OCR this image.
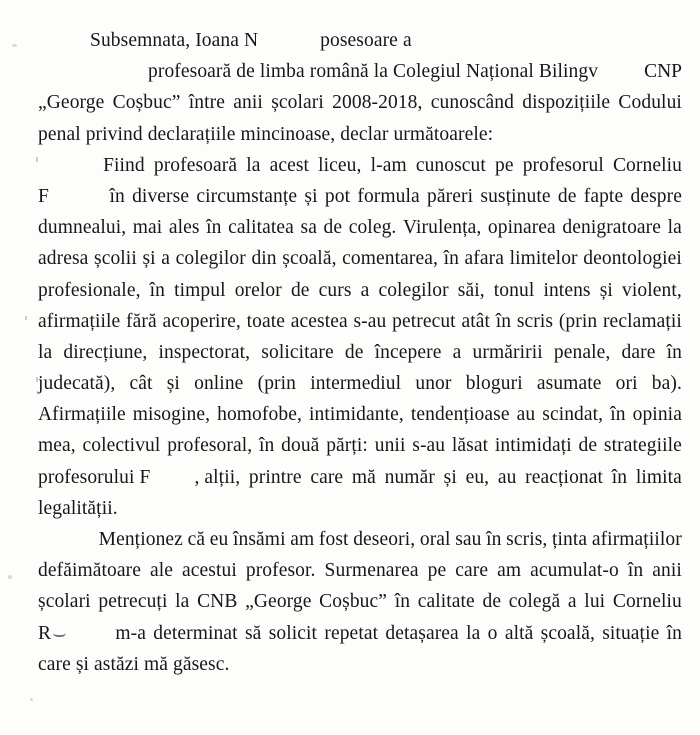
Subsemnata, Ioana N	posesoare a
profesoară de limba română la Colegiul Național Bilingv	CNP
„George Coșbuc” între anii școlari 2008-2018, cunoscând dispozițiile Codului
penal privind declarațiile mincinoase, declar următoarele:
Fiind profesoară la acest liceu, l-am cunoscut pe profesorul Corneliu
F	în diverse circumstanțe și pot formula păreri susținute de fapte despre
dumnealui, mai ales în calitatea sa de coleg. Virulența, opinarea denigratoare la
adresa școlii și a colegilor din școală, comentarea, în afara limitelor deontologiei
profesionale, în timpul orelor de curs a colegilor săi, tonul intens și violent,
afirmațiile fără acoperire, toate acestea s-au petrecut atât în scris (prin reclamații
la direcțiune, inspectorat, solicitare de începere a urmăririi penale, dare în
judecată), cât și online (prin intermediul unor bloguri asumate ori ba).
Afirmațiile misogine, homofobe, intimidante, tendențioase au scindat, în opinia
mea, colectivul profesoral, în două părți: unii s-au lăsat intimidați de strategiile
profesorului F , alții, printre care mă număr și eu, au reacționat în limita
legalității.
Menționez că eu însămi am fost deseori, oral sau în scris, ținta afirmațiilor
defăimătoare ale acestui profesor. Surmenarea pe care am acumulat-o în anii
școlari petrecuți la CNB „George Coșbuc” în calitate de colegă a lui Corneliu
R	m-a determinat să solicit repetat detașarea la o altă școală, situație în
care și astăzi mă găsesc.
